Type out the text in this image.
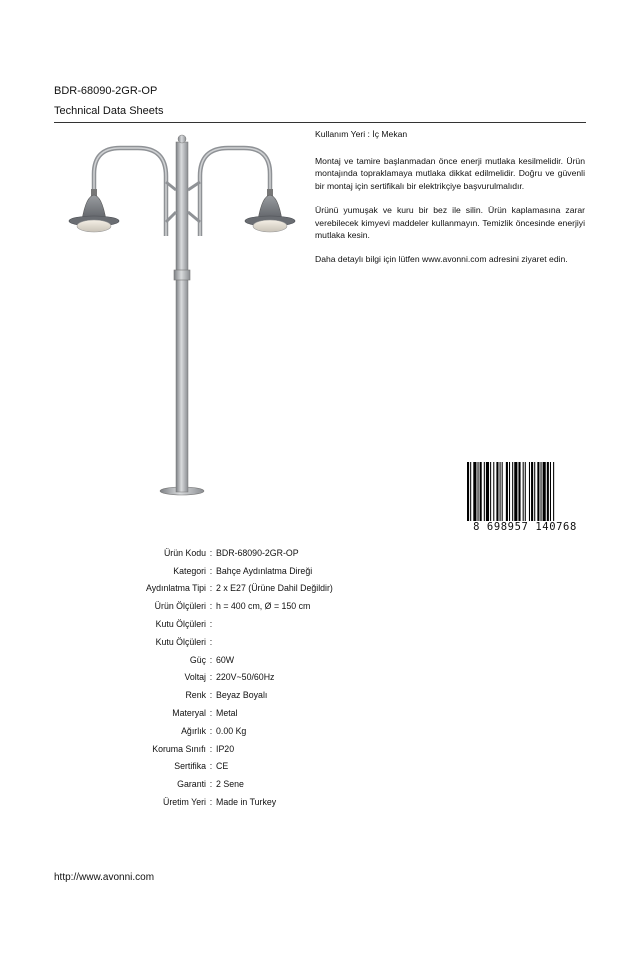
BDR-68090-2GR-OP
Technical Data Sheets

Kullanım Yeri : İç Mekan

Montaj ve tamire başlanmadan önce enerji mutlaka kesilmelidir. Ürün montajında topraklamaya mutlaka dikkat edilmelidir. Doğru ve güvenli bir montaj için sertifikalı bir elektrikçiye başvurulmalıdır.

Ürünü yumuşak ve kuru bir bez ile silin. Ürün kaplamasına zarar verebilecek kimyevi maddeler kullanmayın. Temizlik öncesinde enerjiyi mutlaka kesin.

Daha detaylı bilgi için lütfen www.avonni.com adresini ziyaret edin.

8 698957 140768
Ürün Kodu : BDR-68090-2GR-OP
Kategori : Bahçe Aydınlatma Direği
Aydınlatma Tipi : 2 x E27 (Ürüne Dahil Değildir)
Ürün Ölçüleri : h = 400 cm, Ø = 150 cm
Kutu Ölçüleri :
Kutu Ölçüleri :
Güç : 60W
Voltaj : 220V~50/60Hz
Renk : Beyaz Boyalı
Materyal : Metal
Ağırlık : 0.00 Kg
Koruma Sınıfı : IP20
Sertifika : CE
Garanti : 2 Sene
Üretim Yeri : Made in Turkey
http://www.avonni.com
